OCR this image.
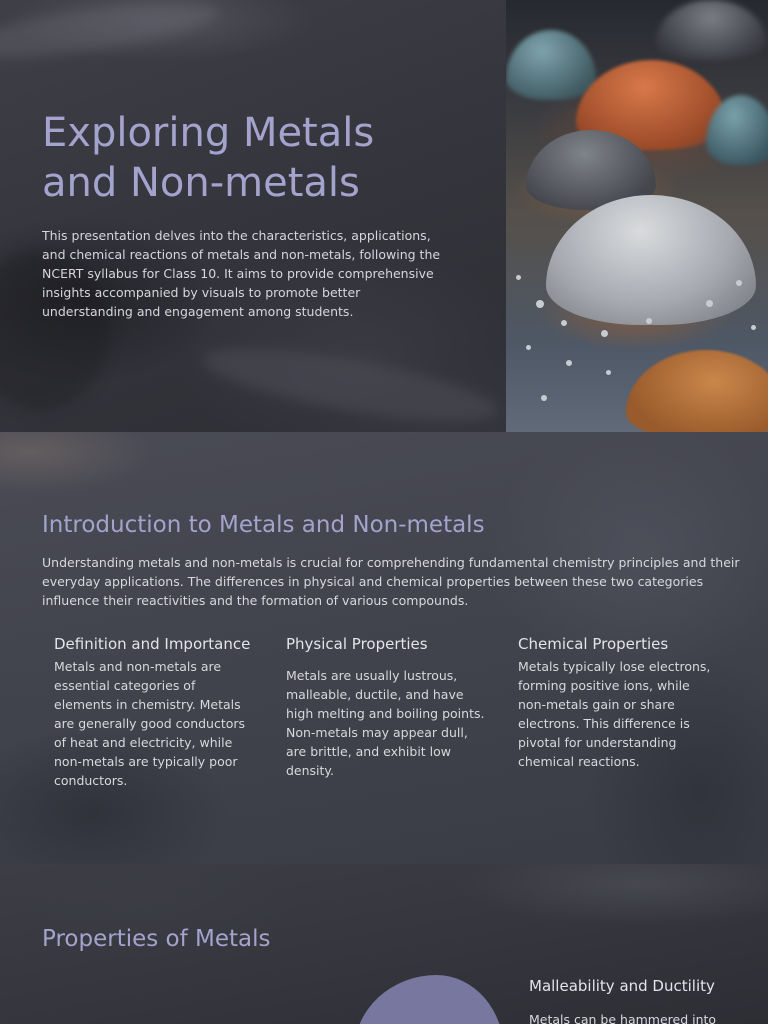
Exploring Metals and Non-metals

This presentation delves into the characteristics, applications, and chemical reactions of metals and non-metals, following the NCERT syllabus for Class 10. It aims to provide comprehensive insights accompanied by visuals to promote better understanding and engagement among students.

Introduction to Metals and Non-metals

Understanding metals and non-metals is crucial for comprehending fundamental chemistry principles and their everyday applications. The differences in physical and chemical properties between these two categories influence their reactivities and the formation of various compounds.

Definition and Importance

Metals and non-metals are essential categories of elements in chemistry. Metals are generally good conductors of heat and electricity, while non-metals are typically poor conductors.

Physical Properties

Metals are usually lustrous, malleable, ductile, and have high melting and boiling points. Non-metals may appear dull, are brittle, and exhibit low density.

Chemical Properties

Metals typically lose electrons, forming positive ions, while non-metals gain or share electrons. This difference is pivotal for understanding chemical reactions.

Properties of Metals
Malleability and Ductility

Metals can be hammered into
